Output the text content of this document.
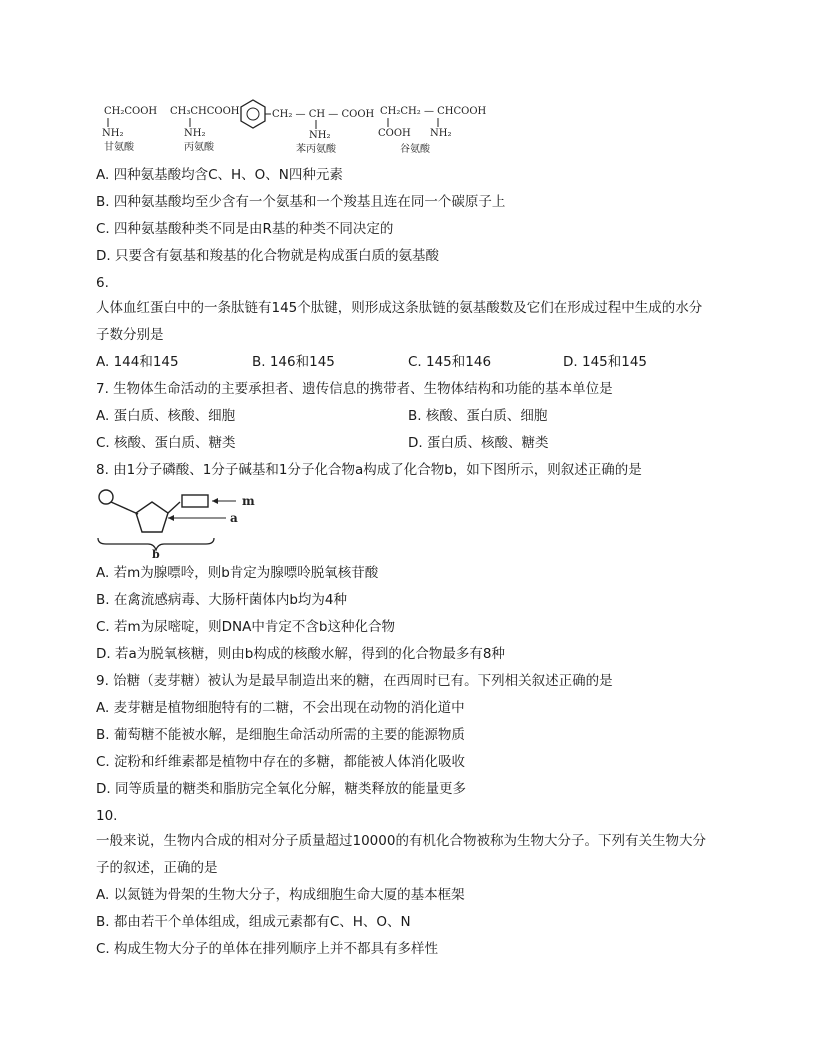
CH₂COOH
NH₂
甘氨酸
CH₃CHCOOH
NH₂
丙氨酸
CH₂ — CH — COOH
NH₂
苯丙氨酸
CH₂CH₂ — CHCOOH
COOH NH₂
谷氨酸
A. 四种氨基酸均含C、H、O、N四种元素
B. 四种氨基酸均至少含有一个氨基和一个羧基且连在同一个碳原子上
C. 四种氨基酸种类不同是由R基的种类不同决定的
D. 只要含有氨基和羧基的化合物就是构成蛋白质的氨基酸
6.
人体血红蛋白中的一条肽链有145个肽键，则形成这条肽链的氨基酸数及它们在形成过程中生成的水分
子数分别是
A. 144和145	B. 146和145	C. 145和146	D. 145和145
7. 生物体生命活动的主要承担者、遗传信息的携带者、生物体结构和功能的基本单位是
A. 蛋白质、核酸、细胞	B. 核酸、蛋白质、细胞
C. 核酸、蛋白质、糖类	D. 蛋白质、核酸、糖类
8. 由1分子磷酸、1分子碱基和1分子化合物a构成了化合物b，如下图所示，则叙述正确的是
m
a
b
A. 若m为腺嘌呤，则b肯定为腺嘌呤脱氧核苷酸
B. 在禽流感病毒、大肠杆菌体内b均为4种
C. 若m为尿嘧啶，则DNA中肯定不含b这种化合物
D. 若a为脱氧核糖，则由b构成的核酸水解，得到的化合物最多有8种
9. 饴糖（麦芽糖）被认为是最早制造出来的糖，在西周时已有。下列相关叙述正确的是
A. 麦芽糖是植物细胞特有的二糖，不会出现在动物的消化道中
B. 葡萄糖不能被水解，是细胞生命活动所需的主要的能源物质
C. 淀粉和纤维素都是植物中存在的多糖，都能被人体消化吸收
D. 同等质量的糖类和脂肪完全氧化分解，糖类释放的能量更多
10.
一般来说，生物内合成的相对分子质量超过10000的有机化合物被称为生物大分子。下列有关生物大分
子的叙述，正确的是
A. 以氮链为骨架的生物大分子，构成细胞生命大厦的基本框架
B. 都由若干个单体组成，组成元素都有C、H、O、N
C. 构成生物大分子的单体在排列顺序上并不都具有多样性
